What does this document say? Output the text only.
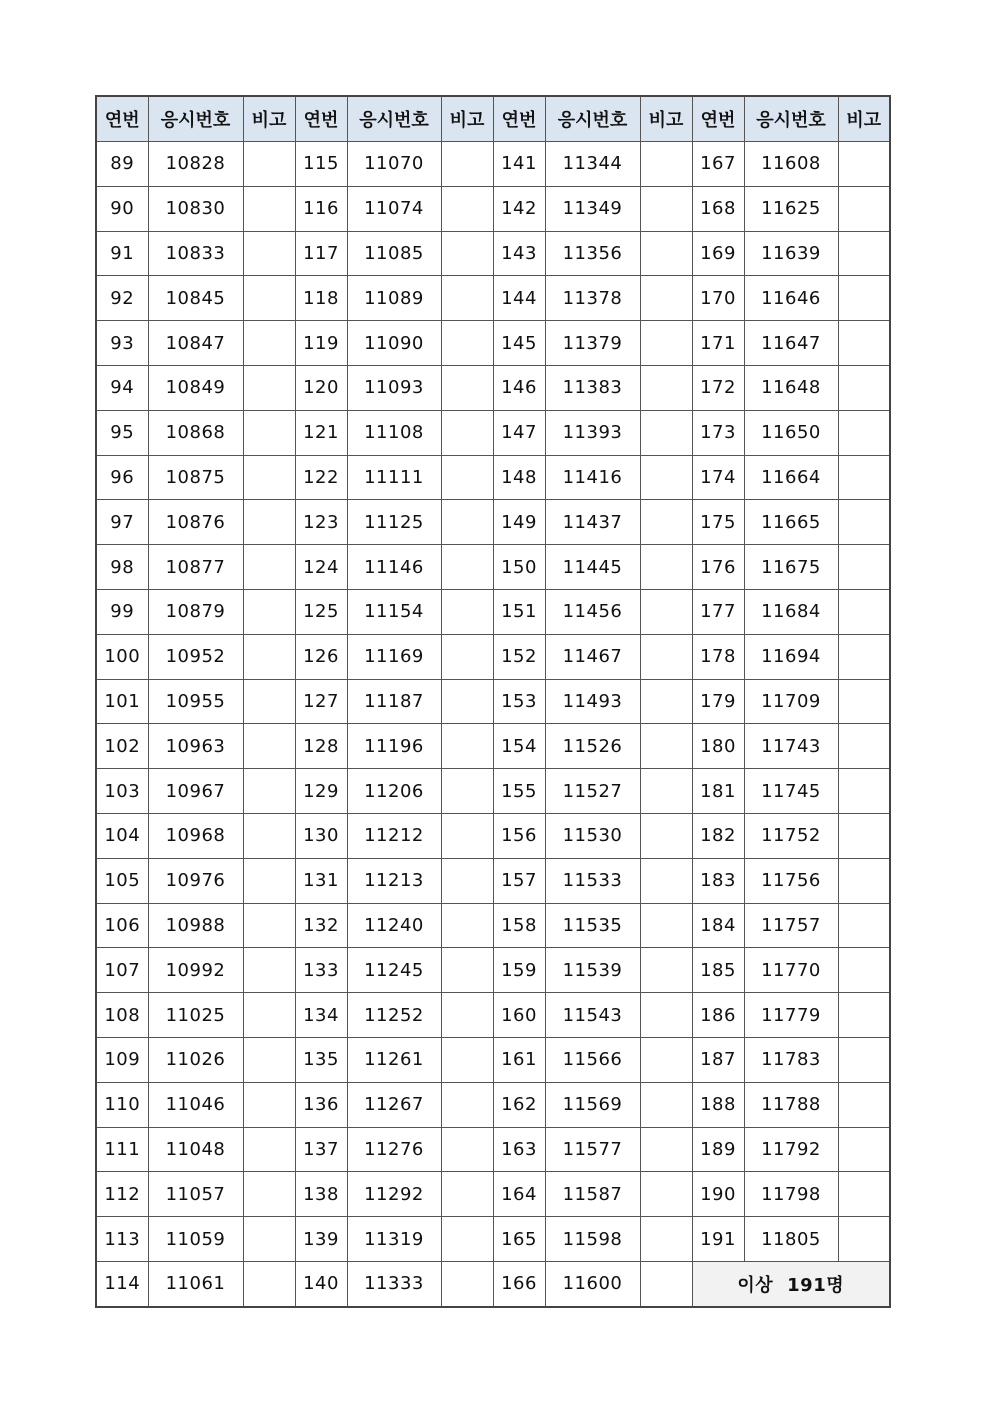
연번	응시번호	비고	연번	응시번호	비고	연번	응시번호	비고	연번	응시번호	비고
89	10828		115	11070		141	11344		167	11608	
90	10830		116	11074		142	11349		168	11625	
91	10833		117	11085		143	11356		169	11639	
92	10845		118	11089		144	11378		170	11646	
93	10847		119	11090		145	11379		171	11647	
94	10849		120	11093		146	11383		172	11648	
95	10868		121	11108		147	11393		173	11650	
96	10875		122	11111		148	11416		174	11664	
97	10876		123	11125		149	11437		175	11665	
98	10877		124	11146		150	11445		176	11675	
99	10879		125	11154		151	11456		177	11684	
100	10952		126	11169		152	11467		178	11694	
101	10955		127	11187		153	11493		179	11709	
102	10963		128	11196		154	11526		180	11743	
103	10967		129	11206		155	11527		181	11745	
104	10968		130	11212		156	11530		182	11752	
105	10976		131	11213		157	11533		183	11756	
106	10988		132	11240		158	11535		184	11757	
107	10992		133	11245		159	11539		185	11770	
108	11025		134	11252		160	11543		186	11779	
109	11026		135	11261		161	11566		187	11783	
110	11046		136	11267		162	11569		188	11788	
111	11048		137	11276		163	11577		189	11792	
112	11057		138	11292		164	11587		190	11798	
113	11059		139	11319		165	11598		191	11805	
114	11061		140	11333		166	11600		이상 191명		
